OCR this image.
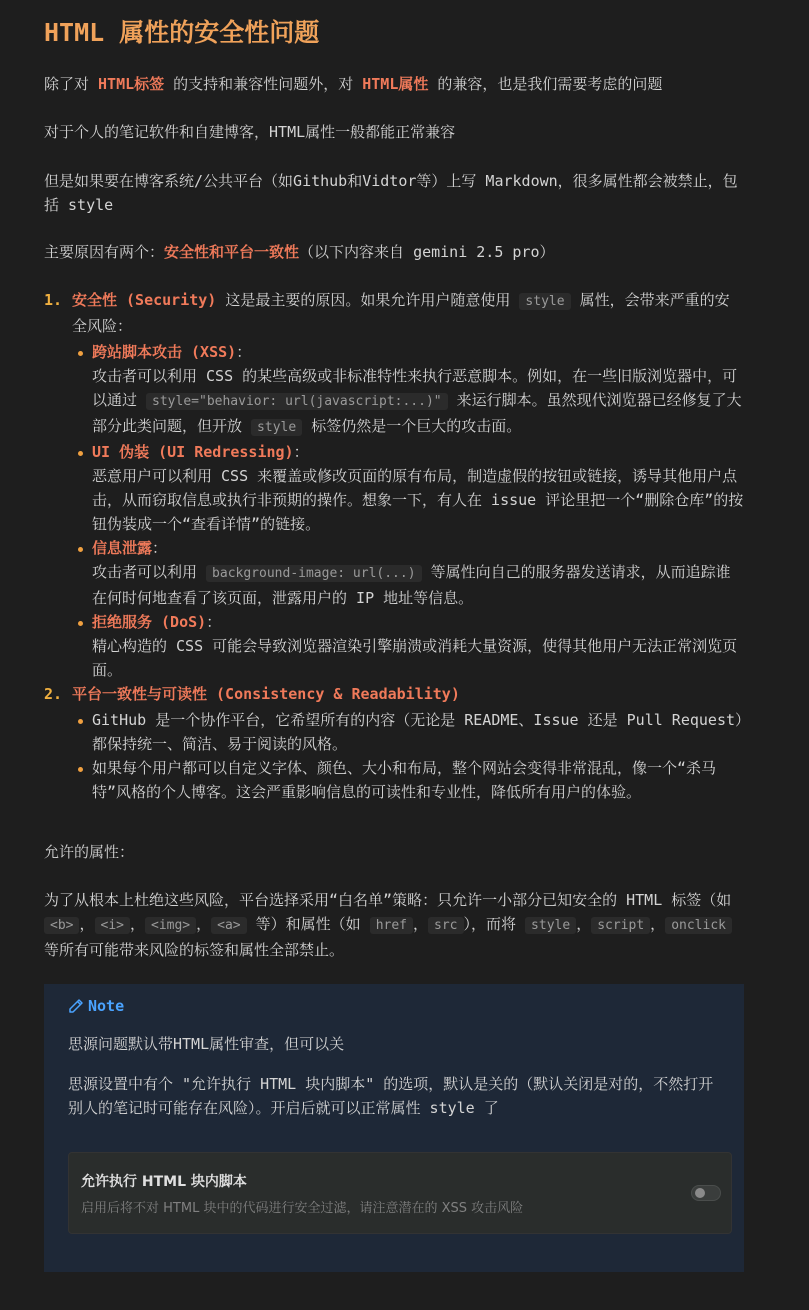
HTML 属性的安全性问题

除了对 HTML标签 的支持和兼容性问题外，对 HTML属性 的兼容，也是我们需要考虑的问题

对于个人的笔记软件和自建博客，HTML属性一般都能正常兼容

但是如果要在博客系统/公共平台（如Github和Vidtor等）上写 Markdown，很多属性都会被禁止，包括 style

主要原因有两个：安全性和平台一致性（以下内容来自 gemini 2.5 pro）

1. 安全性 (Security) 这是最主要的原因。如果允许用户随意使用 style 属性，会带来严重的安全风险：
跨站脚本攻击 (XSS)：
攻击者可以利用 CSS 的某些高级或非标准特性来执行恶意脚本。例如，在一些旧版浏览器中，可以通过 style="behavior: url(javascript:...)" 来运行脚本。虽然现代浏览器已经修复了大部分此类问题，但开放 style 标签仍然是一个巨大的攻击面。
UI 伪装 (UI Redressing)：
恶意用户可以利用 CSS 来覆盖或修改页面的原有布局，制造虚假的按钮或链接，诱导其他用户点击，从而窃取信息或执行非预期的操作。想象一下，有人在 issue 评论里把一个“删除仓库”的按钮伪装成一个“查看详情”的链接。
信息泄露：
攻击者可以利用 background-image: url(...) 等属性向自己的服务器发送请求，从而追踪谁在何时何地查看了该页面，泄露用户的 IP 地址等信息。
拒绝服务 (DoS)：
精心构造的 CSS 可能会导致浏览器渲染引擎崩溃或消耗大量资源，使得其他用户无法正常浏览页面。
2. 平台一致性与可读性 (Consistency & Readability)
GitHub 是一个协作平台，它希望所有的内容（无论是 README、Issue 还是 Pull Request）都保持统一、简洁、易于阅读的风格。
如果每个用户都可以自定义字体、颜色、大小和布局，整个网站会变得非常混乱，像一个“杀马特”风格的个人博客。这会严重影响信息的可读性和专业性，降低所有用户的体验。

允许的属性：

为了从根本上杜绝这些风险，平台选择采用“白名单”策略：只允许一小部分已知安全的 HTML 标签（如 <b> ， <i> ， <img> ， <a> 等）和属性（如 href ， src ），而将 style ， script ， onclick 等所有可能带来风险的标签和属性全部禁止。

Note

思源问题默认带HTML属性审查，但可以关

思源设置中有个 "允许执行 HTML 块内脚本" 的选项，默认是关的（默认关闭是对的，不然打开别人的笔记时可能存在风险）。开启后就可以正常属性 style 了

允许执行 HTML 块内脚本
启用后将不对 HTML 块中的代码进行安全过滤，请注意潜在的 XSS 攻击风险
